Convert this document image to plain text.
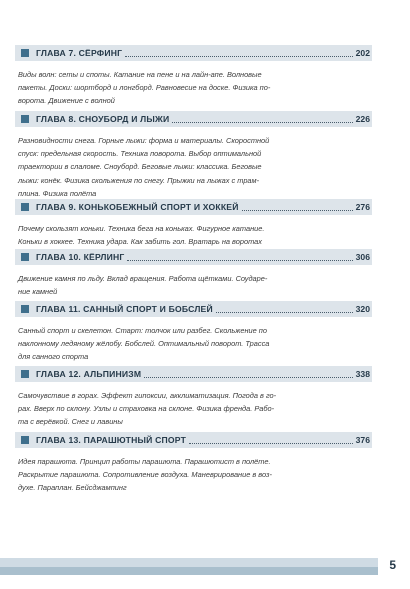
ГЛАВА 7. СЁРФИНГ	202
Виды волн: сеты и споты. Катание на пене и на лайн-апе. Волновые
пакеты. Доски: шортборд и лонгборд. Равновесие на доске. Физика по-
ворота. Движение с волной
ГЛАВА 8. СНОУБОРД И ЛЫЖИ	226
Разновидности снега. Горные лыжи: форма и материалы. Скоростной
спуск: предельная скорость. Техника поворота. Выбор оптимальной
траектории в слаломе. Сноуборд. Беговые лыжи: классика. Беговые
лыжи: конёк. Физика скольжения по снегу. Прыжки на лыжах с трам-
плина. Физика полёта
ГЛАВА 9. КОНЬКОБЕЖНЫЙ СПОРТ И ХОККЕЙ	276
Почему скользят коньки. Техника бега на коньках. Фигурное катание.
Коньки в хоккее. Техника удара. Как забить гол. Вратарь на воротах
ГЛАВА 10. КЁРЛИНГ	306
Движение камня по льду. Вклад вращения. Работа щётками. Соударе-
ние камней
ГЛАВА 11. САННЫЙ СПОРТ И БОБСЛЕЙ	320
Санный спорт и скелетон. Старт: толчок или разбег. Скольжение по
наклонному ледяному жёлобу. Бобслей. Оптимальный поворот. Трасса
для санного спорта
ГЛАВА 12. АЛЬПИНИЗМ	338
Самочувствие в горах. Эффект гипоксии, акклиматизация. Погода в го-
рах. Вверх по склону. Узлы и страховка на склоне. Физика френда. Рабо-
та с верёвкой. Снег и лавины
ГЛАВА 13. ПАРАШЮТНЫЙ СПОРТ	376
Идея парашюта. Принцип работы парашюта. Парашютист в полёте.
Раскрытие парашюта. Сопротивление воздуха. Маневрирование в воз-
духе. Параплан. Бейсджампинг
5
